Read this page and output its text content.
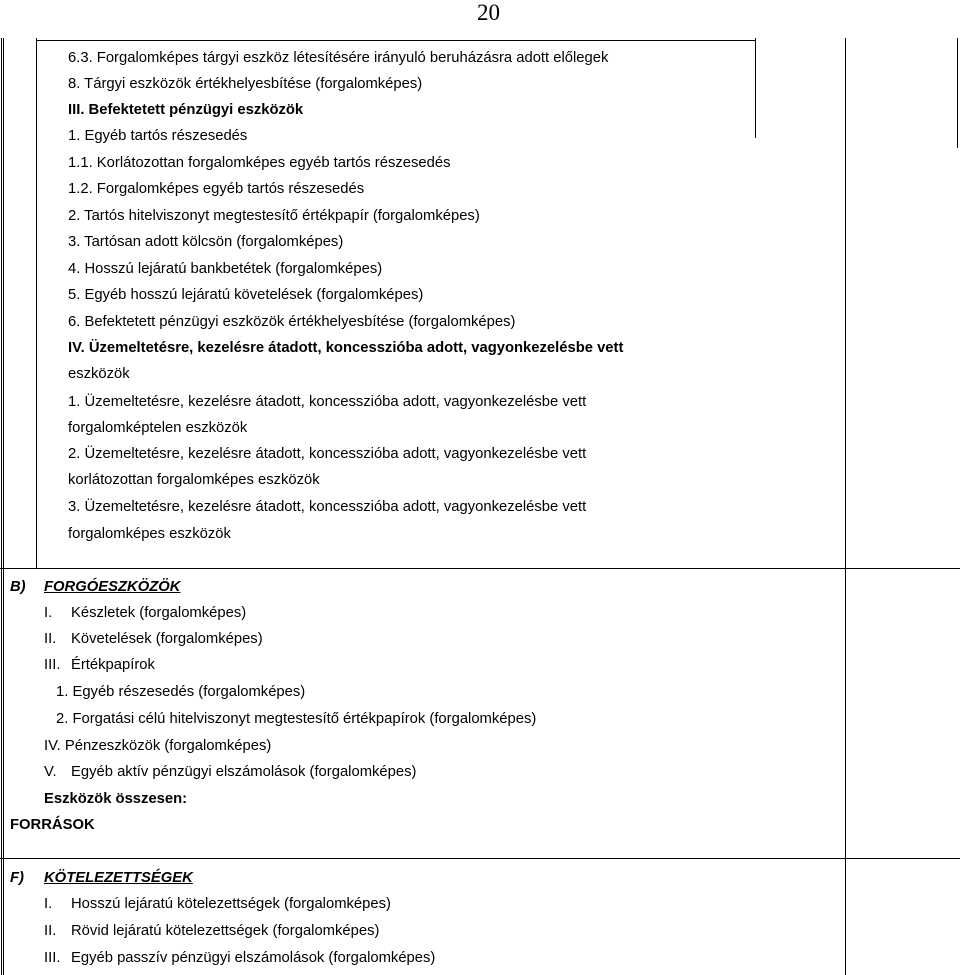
20
6.3. Forgalomképes tárgyi eszköz létesítésére irányuló beruházásra adott előlegek
8. Tárgyi eszközök értékhelyesbítése (forgalomképes)
III. Befektetett pénzügyi eszközök
1. Egyéb tartós részesedés
1.1. Korlátozottan forgalomképes egyéb tartós részesedés
1.2. Forgalomképes egyéb tartós részesedés
2. Tartós hitelviszonyt megtestesítő értékpapír (forgalomképes)
3. Tartósan adott kölcsön (forgalomképes)
4. Hosszú lejáratú bankbetétek (forgalomképes)
5. Egyéb hosszú lejáratú követelések (forgalomképes)
6. Befektetett pénzügyi eszközök értékhelyesbítése (forgalomképes)
IV. Üzemeltetésre, kezelésre átadott, koncesszióba adott, vagyonkezelésbe vett
eszközök
1. Üzemeltetésre, kezelésre átadott, koncesszióba adott, vagyonkezelésbe vett
forgalomképtelen eszközök
2. Üzemeltetésre, kezelésre átadott, koncesszióba adott, vagyonkezelésbe vett
korlátozottan forgalomképes eszközök
3. Üzemeltetésre, kezelésre átadott, koncesszióba adott, vagyonkezelésbe vett
forgalomképes eszközök
B) FORGÓESZKÖZÖK
I. Készletek (forgalomképes)
II. Követelések (forgalomképes)
III. Értékpapírok
1. Egyéb részesedés (forgalomképes)
2. Forgatási célú hitelviszonyt megtestesítő értékpapírok (forgalomképes)
IV. Pénzeszközök (forgalomképes)
V. Egyéb aktív pénzügyi elszámolások (forgalomképes)
Eszközök összesen:
FORRÁSOK
F) KÖTELEZETTSÉGEK
I. Hosszú lejáratú kötelezettségek (forgalomképes)
II. Rövid lejáratú kötelezettségek (forgalomképes)
III. Egyéb passzív pénzügyi elszámolások (forgalomképes)
